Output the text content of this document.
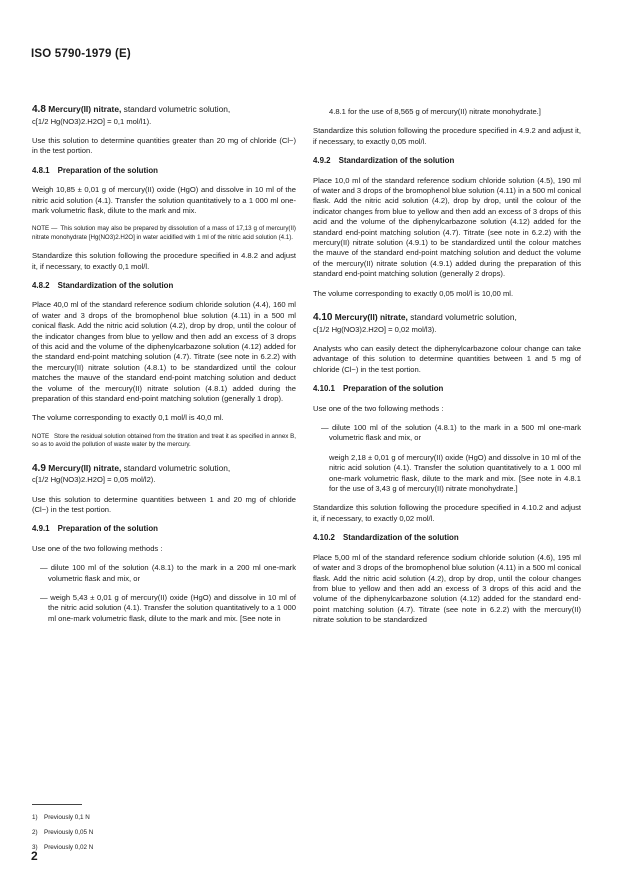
ISO 5790-1979 (E)
4.8 Mercury(II) nitrate, standard volumetric solution,

c[1/2 Hg(NO3)2.H2O] = 0,1 mol/l1).

Use this solution to determine quantities greater than 20 mg of chloride (Cl−) in the test portion.

4.8.1 Preparation of the solution

Weigh 10,85 ± 0,01 g of mercury(II) oxide (HgO) and dissolve in 10 ml of the nitric acid solution (4.1). Transfer the solution quantitatively to a 1 000 ml one-mark volumetric flask, dilute to the mark and mix.

NOTE — This solution may also be prepared by dissolution of a mass of 17,13 g of mercury(II) nitrate monohydrate [Hg(NO3)2.H2O] in water acidified with 1 ml of the nitric acid solution (4.1).

Standardize this solution following the procedure specified in 4.8.2 and adjust it, if necessary, to exactly 0,1 mol/l.

4.8.2 Standardization of the solution

Place 40,0 ml of the standard reference sodium chloride solution (4.4), 160 ml of water and 3 drops of the bromophenol blue solution (4.11) in a 500 ml conical flask. Add the nitric acid solution (4.2), drop by drop, until the colour of the indicator changes from blue to yellow and then add an excess of 3 drops of this acid and the volume of the diphenylcarbazone solution (4.12) added for the standard end-point matching solution (4.7). Titrate (see note in 6.2.2) with the mercury(II) nitrate solution (4.8.1) to be standardized until the colour matches the mauve of the standard end-point matching solution and deduct the volume of the mercury(II) nitrate solution (4.8.1) added during the preparation of this standard end-point matching solution (generally 1 drop).

The volume corresponding to exactly 0,1 mol/l is 40,0 ml.

NOTE Store the residual solution obtained from the titration and treat it as specified in annex B, so as to avoid the pollution of waste water by the mercury.
4.9 Mercury(II) nitrate, standard volumetric solution,

c[1/2 Hg(NO3)2.H2O] = 0,05 mol/l2).

Use this solution to determine quantities between 1 and 20 mg of chloride (Cl−) in the test portion.

4.9.1 Preparation of the solution

Use one of the two following methods :

— dilute 100 ml of the solution (4.8.1) to the mark in a 200 ml one-mark volumetric flask and mix, or

— weigh 5,43 ± 0,01 g of mercury(II) oxide (HgO) and dissolve in 10 ml of the nitric acid solution (4.1). Transfer the solution quantitatively to a 1 000 ml one-mark volumetric flask, dilute to the mark and mix. [See note in

4.8.1 for the use of 8,565 g of mercury(II) nitrate monohydrate.]

Standardize this solution following the procedure specified in 4.9.2 and adjust it, if necessary, to exactly 0,05 mol/l.

4.9.2 Standardization of the solution

Place 10,0 ml of the standard reference sodium chloride solution (4.5), 190 ml of water and 3 drops of the bromophenol blue solution (4.11) in a 500 ml conical flask. Add the nitric acid solution (4.2), drop by drop, until the colour of the indicator changes from blue to yellow and then add an excess of 3 drops of this acid and the volume of the diphenylcarbazone solution (4.12) added for the standard end-point matching solution (4.7). Titrate (see note in 6.2.2) with the mercury(II) nitrate solution (4.9.1) to be standardized until the colour matches the mauve of the standard end-point matching solution and deduct the volume of the mercury(II) nitrate solution (4.9.1) added during the preparation of this standard end-point matching solution (generally 2 drops).

The volume corresponding to exactly 0,05 mol/l is 10,00 ml.

4.10 Mercury(II) nitrate, standard volumetric solution,

c[1/2 Hg(NO3)2.H2O] = 0,02 mol/l3).

Analysts who can easily detect the diphenylcarbazone colour change can take advantage of this solution to determine quantities between 1 and 5 mg of chloride (Cl−) in the test portion.

4.10.1 Preparation of the solution

Use one of the two following methods :

— dilute 100 ml of the solution (4.8.1) to the mark in a 500 ml one-mark volumetric flask and mix, or

weigh 2,18 ± 0,01 g of mercury(II) oxide (HgO) and dissolve in 10 ml of the nitric acid solution (4.1). Transfer the solution quantitatively to a 1 000 ml one-mark volumetric flask, dilute to the mark and mix. [See note in 4.8.1 for the use of 3,43 g of mercury(II) nitrate monohydrate.]

Standardize this solution following the procedure specified in 4.10.2 and adjust it, if necessary, to exactly 0,02 mol/l.

4.10.2 Standardization of the solution

Place 5,00 ml of the standard reference sodium chloride solution (4.6), 195 ml of water and 3 drops of the bromophenol blue solution (4.11) in a 500 ml conical flask. Add the nitric acid solution (4.2), drop by drop, until the colour changes from blue to yellow and then add an excess of 3 drops of this acid and the volume of the diphenylcarbazone solution (4.12) added for the standard end-point matching solution (4.7). Titrate (see note in 6.2.2) with the mercury(II) nitrate solution to be standardized

1) Previously 0,1 N
2) Previously 0,05 N
3) Previously 0,02 N
2
